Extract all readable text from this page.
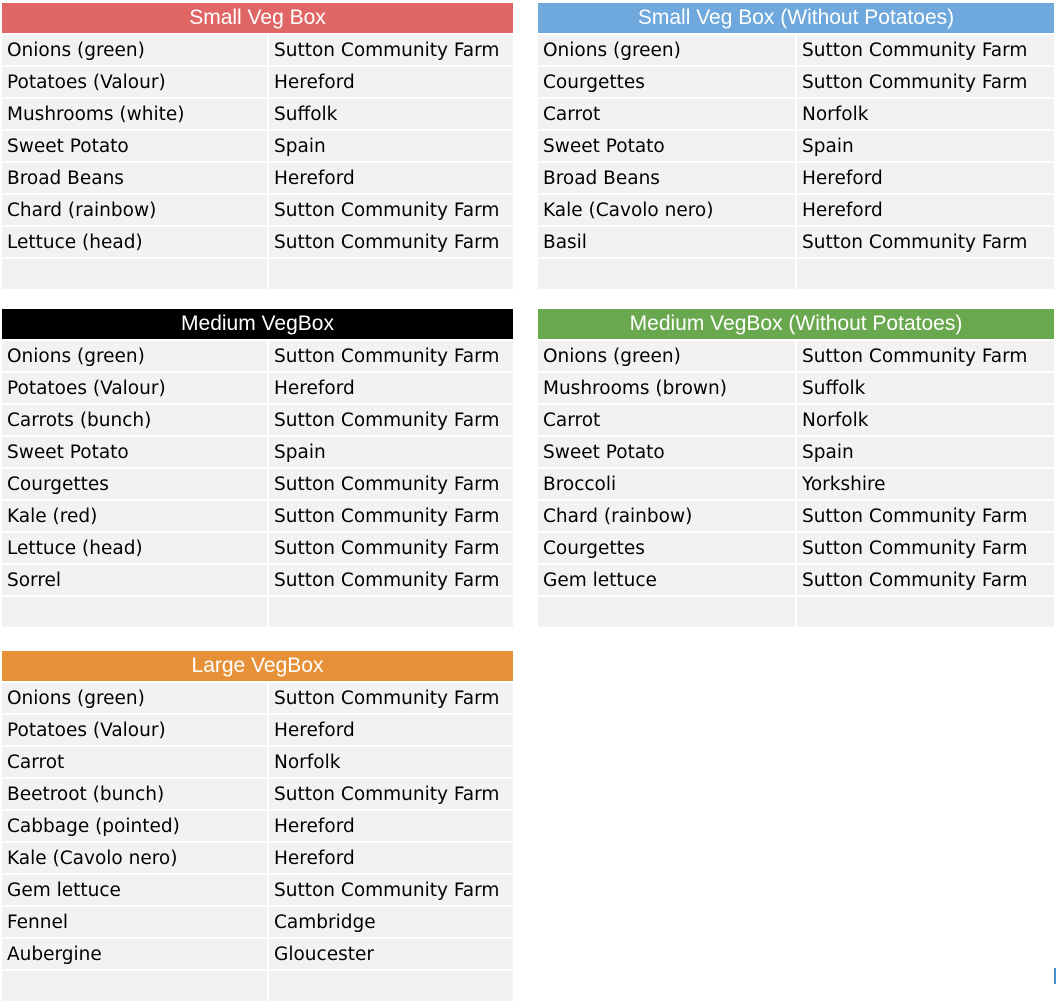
Small Veg Box
Onions (green)	Sutton Community Farm
Potatoes (Valour)	Hereford
Mushrooms (white)	Suffolk
Sweet Potato	Spain
Broad Beans	Hereford
Chard (rainbow)	Sutton Community Farm
Lettuce (head)	Sutton Community Farm
Small Veg Box (Without Potatoes)
Onions (green)	Sutton Community Farm
Courgettes	Sutton Community Farm
Carrot	Norfolk
Sweet Potato	Spain
Broad Beans	Hereford
Kale (Cavolo nero)	Hereford
Basil	Sutton Community Farm
Medium VegBox
Onions (green)	Sutton Community Farm
Potatoes (Valour)	Hereford
Carrots (bunch)	Sutton Community Farm
Sweet Potato	Spain
Courgettes	Sutton Community Farm
Kale (red)	Sutton Community Farm
Lettuce (head)	Sutton Community Farm
Sorrel	Sutton Community Farm
Medium VegBox (Without Potatoes)
Onions (green)	Sutton Community Farm
Mushrooms (brown)	Suffolk
Carrot	Norfolk
Sweet Potato	Spain
Broccoli	Yorkshire
Chard (rainbow)	Sutton Community Farm
Courgettes	Sutton Community Farm
Gem lettuce	Sutton Community Farm
Large VegBox
Onions (green)	Sutton Community Farm
Potatoes (Valour)	Hereford
Carrot	Norfolk
Beetroot (bunch)	Sutton Community Farm
Cabbage (pointed)	Hereford
Kale (Cavolo nero)	Hereford
Gem lettuce	Sutton Community Farm
Fennel	Cambridge
Aubergine	Gloucester
